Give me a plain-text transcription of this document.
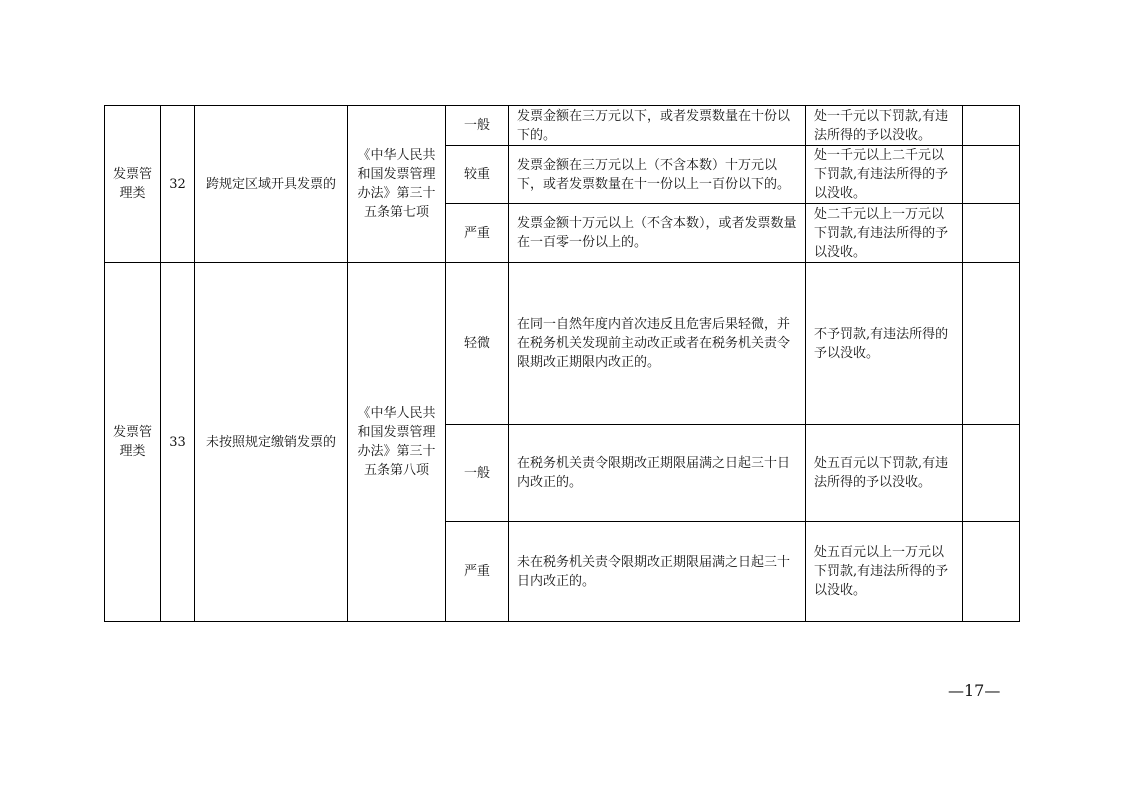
发票管理类	32	跨规定区域开具发票的	《中华人民共和国发票管理办法》第三十五条第七项	一般	发票金额在三万元以下，或者发票数量在十份以下的。	处一千元以下罚款,有违法所得的予以没收。	
				较重	发票金额在三万元以上（不含本数）十万元以下，或者发票数量在十一份以上一百份以下的。	处一千元以上二千元以下罚款,有违法所得的予以没收。	
				严重	发票金额十万元以上（不含本数），或者发票数量在一百零一份以上的。	处二千元以上一万元以下罚款,有违法所得的予以没收。	
发票管理类	33	未按照规定缴销发票的	《中华人民共和国发票管理办法》第三十五条第八项	轻微	在同一自然年度内首次违反且危害后果轻微，并在税务机关发现前主动改正或者在税务机关责令限期改正期限内改正的。	不予罚款,有违法所得的予以没收。	
				一般	在税务机关责令限期改正期限届满之日起三十日内改正的。	处五百元以下罚款,有违法所得的予以没收。	
				严重	未在税务机关责令限期改正期限届满之日起三十日内改正的。	处五百元以上一万元以下罚款,有违法所得的予以没收。	
—17—
